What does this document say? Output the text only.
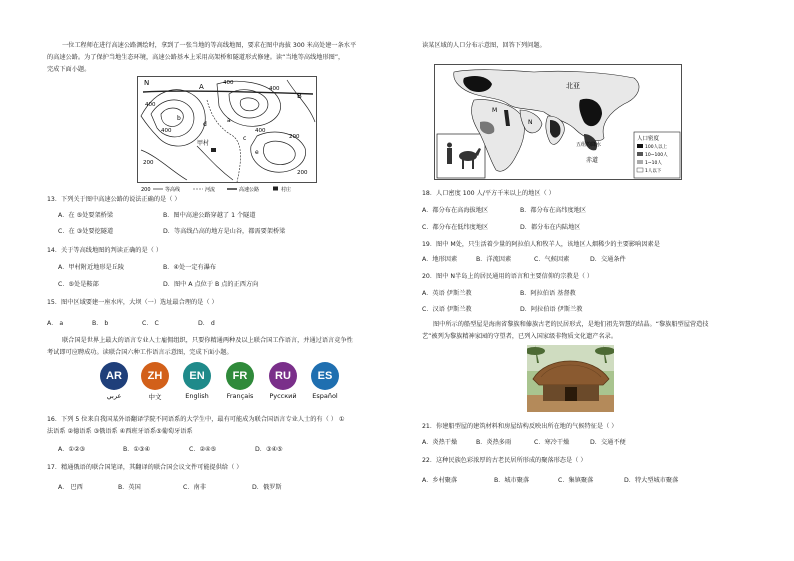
一位工程师在进行高速公路测绘时，拿到了一张当地的等高线地图，要求在图中海拔 300 米高处建一条水平
的高速公路。为了保护当地生态环境，高速公路基本上采用高架桥和隧道形式修建。读“当地等高线地形图”，
完成下面小题。
N	A
B
甲村
a
b
c
d
e
400
400
400
400
400
200
200
200
200	等高线	河流	高速公路	村庄
13．下列关于图中高速公路的说法正确的是（ ）
A．在 ⑤处要架桥梁	B．图中高速公路穿越了 1 个隧道
C．在 ③处要挖隧道	D．等高线凸高的地方是山谷，都需要架桥梁
14．关于等高线地图的判读正确的是（ ）
A．甲村附近地形是丘陵	B．④处一定有瀑布
C．⑤处是鞍部	D．图中 A 点位于 B 点的正西方向
15．图中区域要建一座水库，大坝（一）选址最合理的是（ ）
A． a	B． b	C． C	D． d
联合国是世界上最大的语言专业人士雇佣组织，只要你精通两种及以上联合国工作语言，并通过语言竞争性
考试即可应聘成功。读联合国六种工作语言示意图，完成下面小题。
AR
عربي
ZH
中文
EN
English
FR
Français
RU
Русский
ES
Español
16．下列 5 位来自我国某外语翻译学院不同语系的大学生中，最有可能成为联合国语言专业人士的有（ ） ①
法语系 ②德语系 ③俄语系 ④西班牙语系⑤葡萄牙语系
A．①②③	B．①③④	C．②④⑤	D．③④⑤
17．精通俄语的联合国笔译，其翻译的联合国会议文件可能提供给（ ）
A． 巴西	B．英国	C．南非	D．俄罗斯
读某区域的人口分布示意图，回答下列问题。
北亚
赤道
五组的降水
M
N
人口密度
100人以上
10~100人
1~10人
1人以下
18．人口密度 100 人/平方千米以上的地区（ ）
A．都分布在高海拔地区	B．都分布在高纬度地区
C．都分布在低纬度地区	D．都分布在内陆地区
19．图中 M处，只生活着少量的阿拉伯人和牧羊人，该地区人烟稀少的主要影响因素是
A．地形因素	B．洋流因素	C．气候因素	D．交通条件
20．图中 N半岛上的居民通用的语言和主要信仰的宗教是（ ）
A．英语 伊斯兰教	B．阿拉伯语 基督教
C．汉语 伊斯兰教	D．阿拉伯语 伊斯兰教
图中所示的船型屋是海南省黎族和傣族古老的民居形式，是地们祖先智慧的结晶。“黎族船型屋营造技
艺”被列为黎族精神家园的守望者，已列入国家级非物质文化遗产名录。
21．你建船型屋的建筑材料和房屋结构反映出所在地的气候特征是（ ）
A．炎热干燥	B．炎热多雨	C．寒冷干燥	D．交通不便
22．这种民族色彩浓厚的古老民居所形成的聚落形态是（ ）
A．乡村聚落	B．城市聚落	C．集镇聚落	D．特大型城市聚落
